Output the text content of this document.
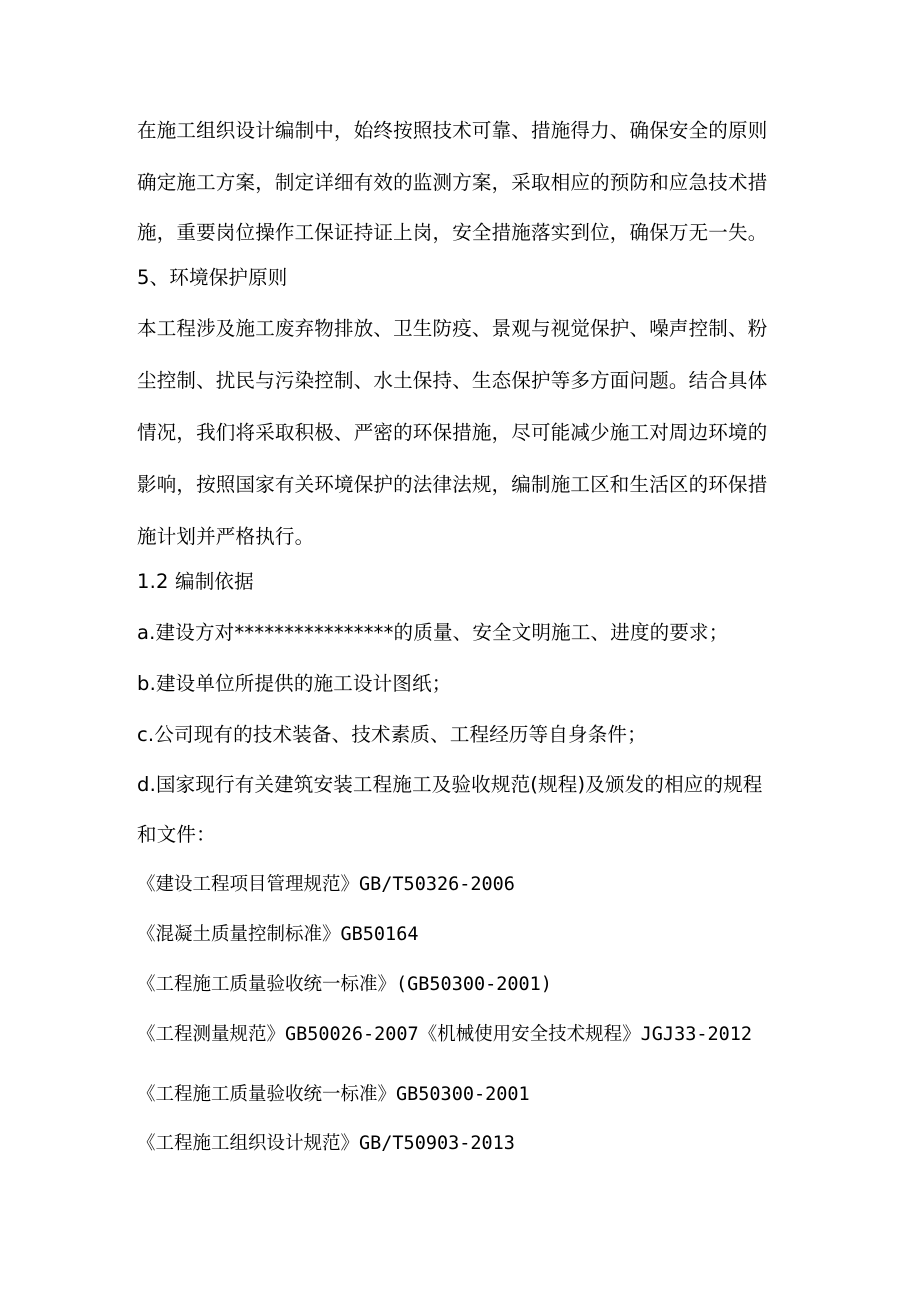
在施工组织设计编制中，始终按照技术可靠、措施得力、确保安全的原则
确定施工方案，制定详细有效的监测方案，采取相应的预防和应急技术措
施，重要岗位操作工保证持证上岗，安全措施落实到位，确保万无一失。
5、环境保护原则
本工程涉及施工废弃物排放、卫生防疫、景观与视觉保护、噪声控制、粉
尘控制、扰民与污染控制、水土保持、生态保护等多方面问题。结合具体
情况，我们将采取积极、严密的环保措施，尽可能减少施工对周边环境的
影响，按照国家有关环境保护的法律法规，编制施工区和生活区的环保措
施计划并严格执行。
1.2 编制依据
a.建设方对****************的质量、安全文明施工、进度的要求；
b.建设单位所提供的施工设计图纸；
c.公司现有的技术装备、技术素质、工程经历等自身条件；
d.国家现行有关建筑安装工程施工及验收规范(规程)及颁发的相应的规程
和文件：
《建设工程项目管理规范》GB/T50326-2006
《混凝土质量控制标准》GB50164
《工程施工质量验收统一标准》(GB50300-2001)
《工程测量规范》GB50026-2007《机械使用安全技术规程》JGJ33-2012
《工程施工质量验收统一标准》GB50300-2001
《工程施工组织设计规范》GB/T50903-2013
